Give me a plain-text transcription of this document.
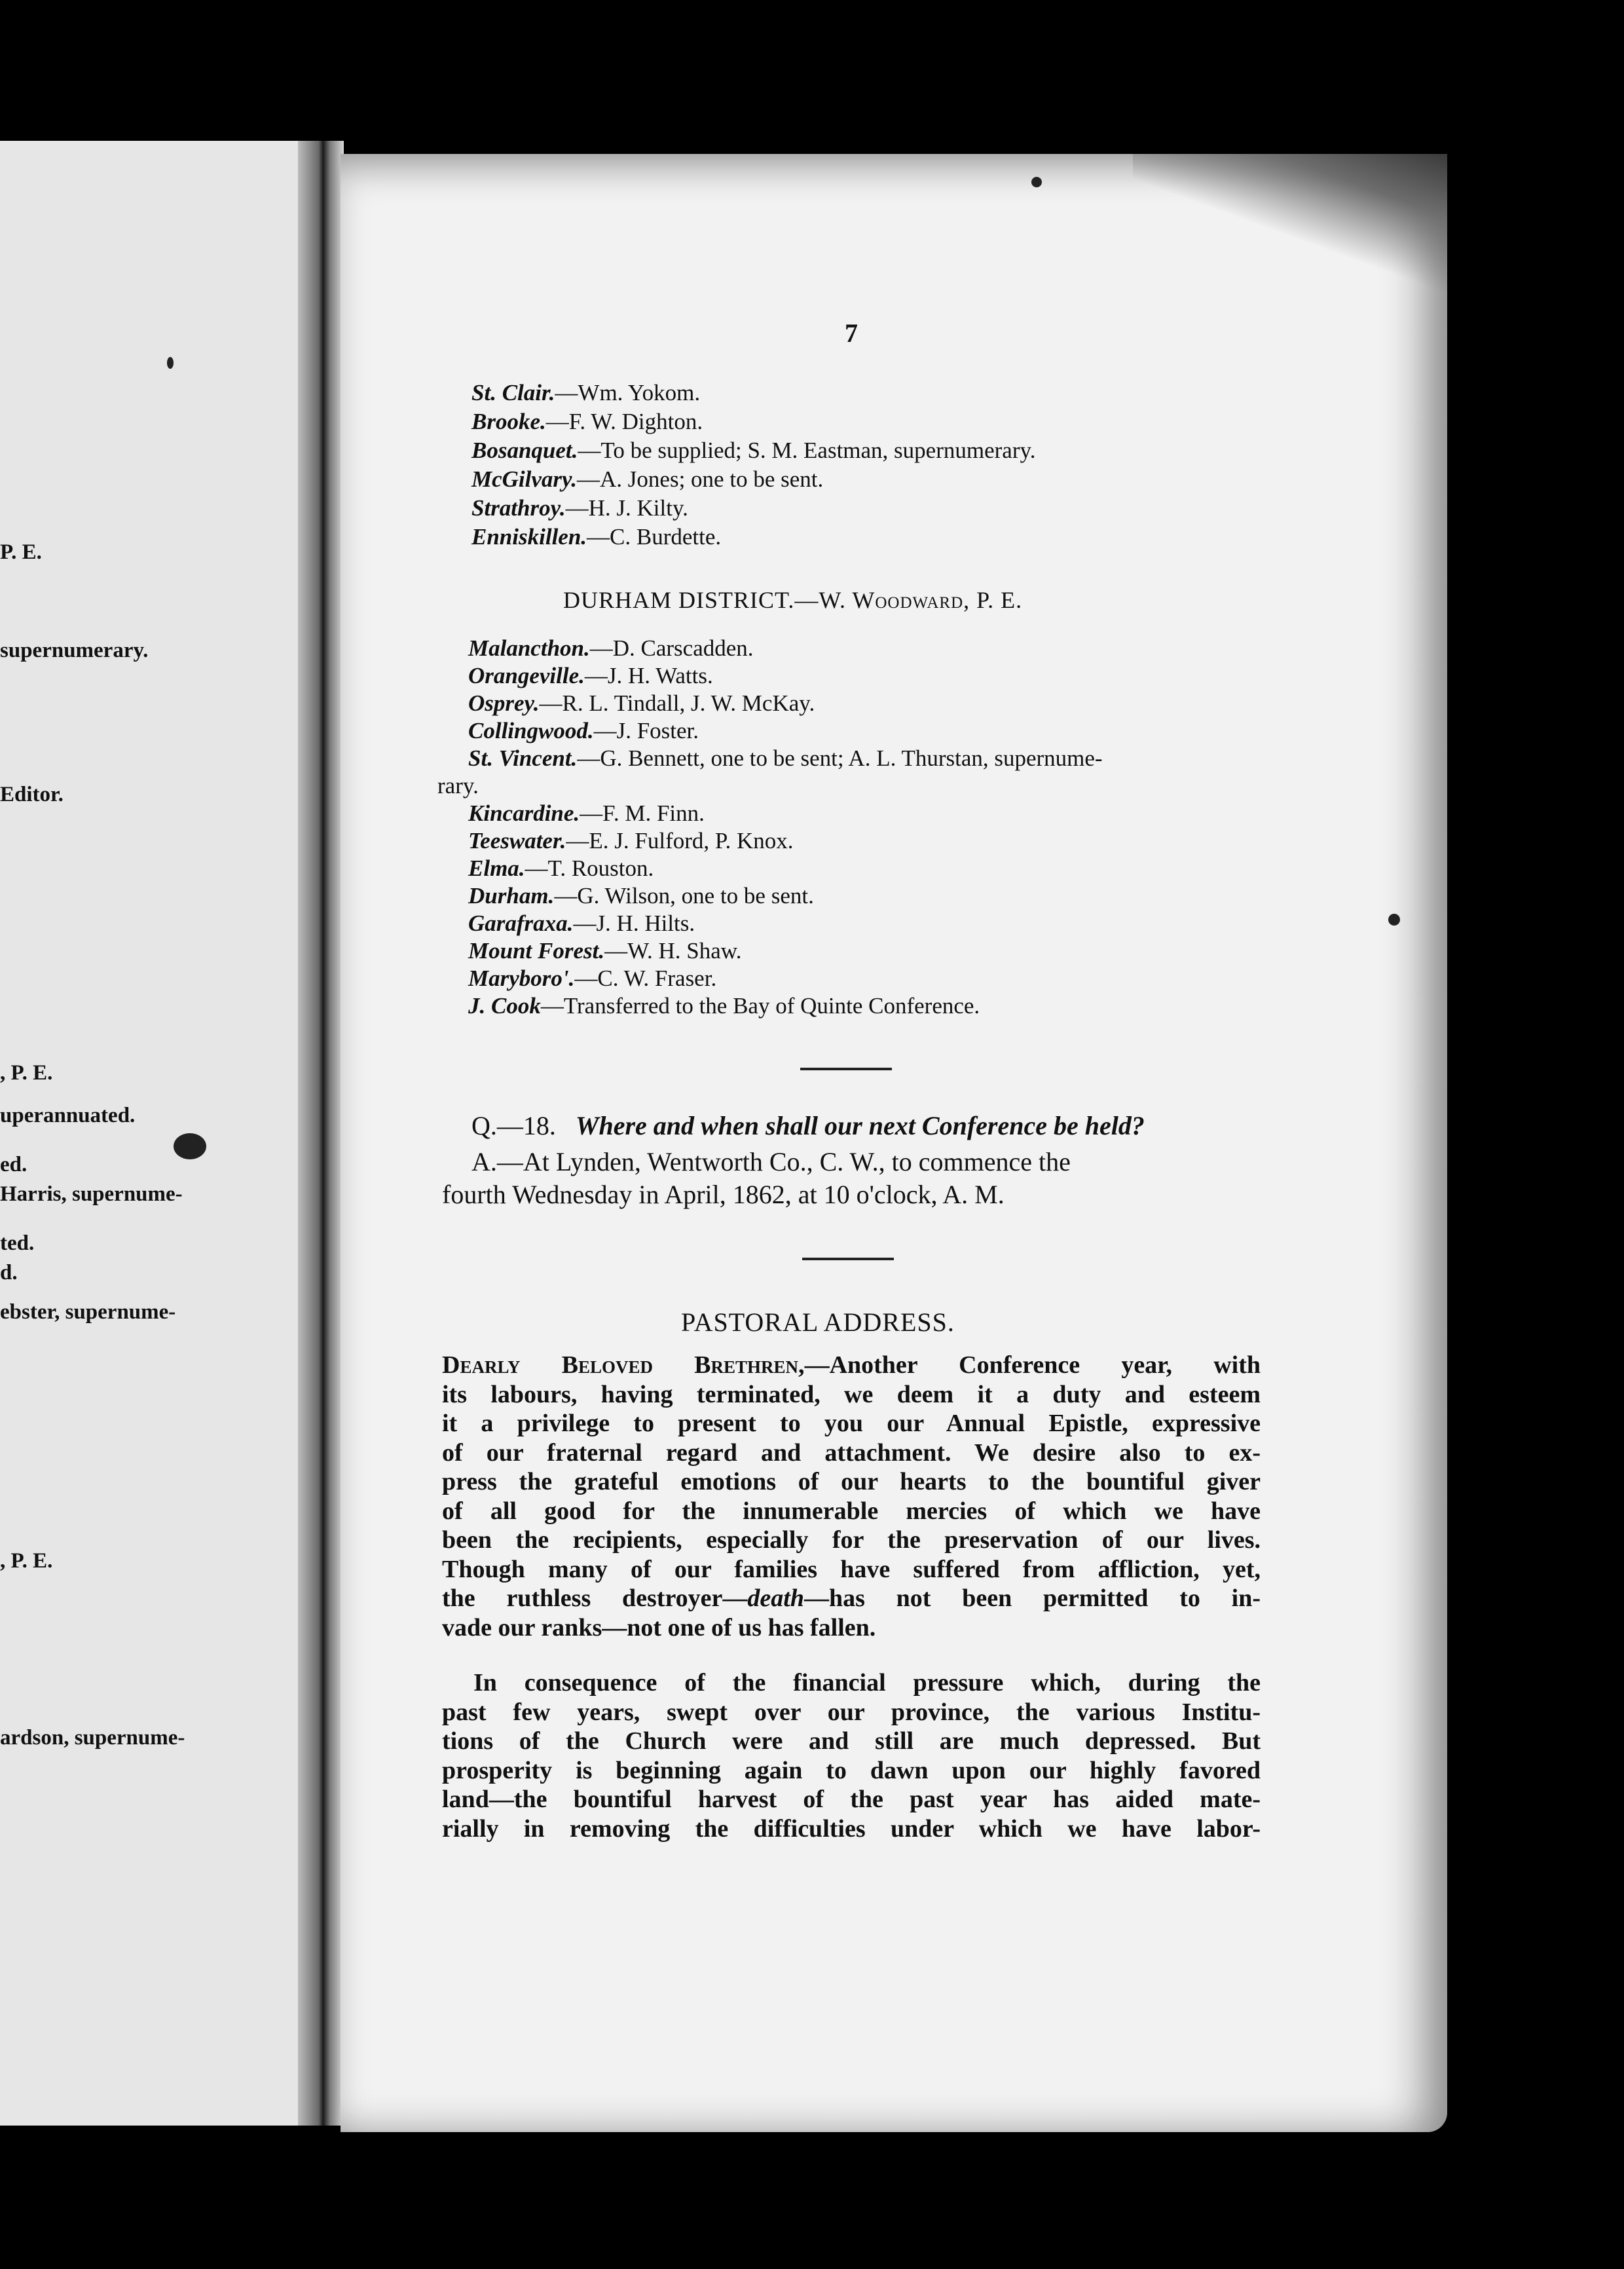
P. E.
supernumerary.
Editor.
, P. E.
uperannuated.
ed.
Harris, supernume-
ted.
d.
ebster, supernume-
, P. E.
ardson, supernume-
7
St. Clair.—Wm. Yokom.
Brooke.—F. W. Dighton.
Bosanquet.—To be supplied; S. M. Eastman, supernumerary.
McGilvary.—A. Jones; one to be sent.
Strathroy.—H. J. Kilty.
Enniskillen.—C. Burdette.
DURHAM DISTRICT.—W. Woodward, P. E.
Malancthon.—D. Carscadden.
Orangeville.—J. H. Watts.
Osprey.—R. L. Tindall, J. W. McKay.
Collingwood.—J. Foster.
St. Vincent.—G. Bennett, one to be sent; A. L. Thurstan, supernume-
rary.
Kincardine.—F. M. Finn.
Teeswater.—E. J. Fulford, P. Knox.
Elma.—T. Rouston.
Durham.—G. Wilson, one to be sent.
Garafraxa.—J. H. Hilts.
Mount Forest.—W. H. Shaw.
Maryboro'.—C. W. Fraser.
J. Cook—Transferred to the Bay of Quinte Conference.
Q.—18. Where and when shall our next Conference be held?
A.—At Lynden, Wentworth Co., C. W., to commence the
fourth Wednesday in April, 1862, at 10 o'clock, A. M.
PASTORAL ADDRESS.
Dearly Beloved Brethren,—Another Conference year, with
its labours, having terminated, we deem it a duty and esteem
it a privilege to present to you our Annual Epistle, expressive
of our fraternal regard and attachment. We desire also to ex-
press the grateful emotions of our hearts to the bountiful giver
of all good for the innumerable mercies of which we have
been the recipients, especially for the preservation of our lives.
Though many of our families have suffered from affliction, yet,
the ruthless destroyer—death—has not been permitted to in-
vade our ranks—not one of us has fallen.
In consequence of the financial pressure which, during the
past few years, swept over our province, the various Institu-
tions of the Church were and still are much depressed. But
prosperity is beginning again to dawn upon our highly favored
land—the bountiful harvest of the past year has aided mate-
rially in removing the difficulties under which we have labor-
